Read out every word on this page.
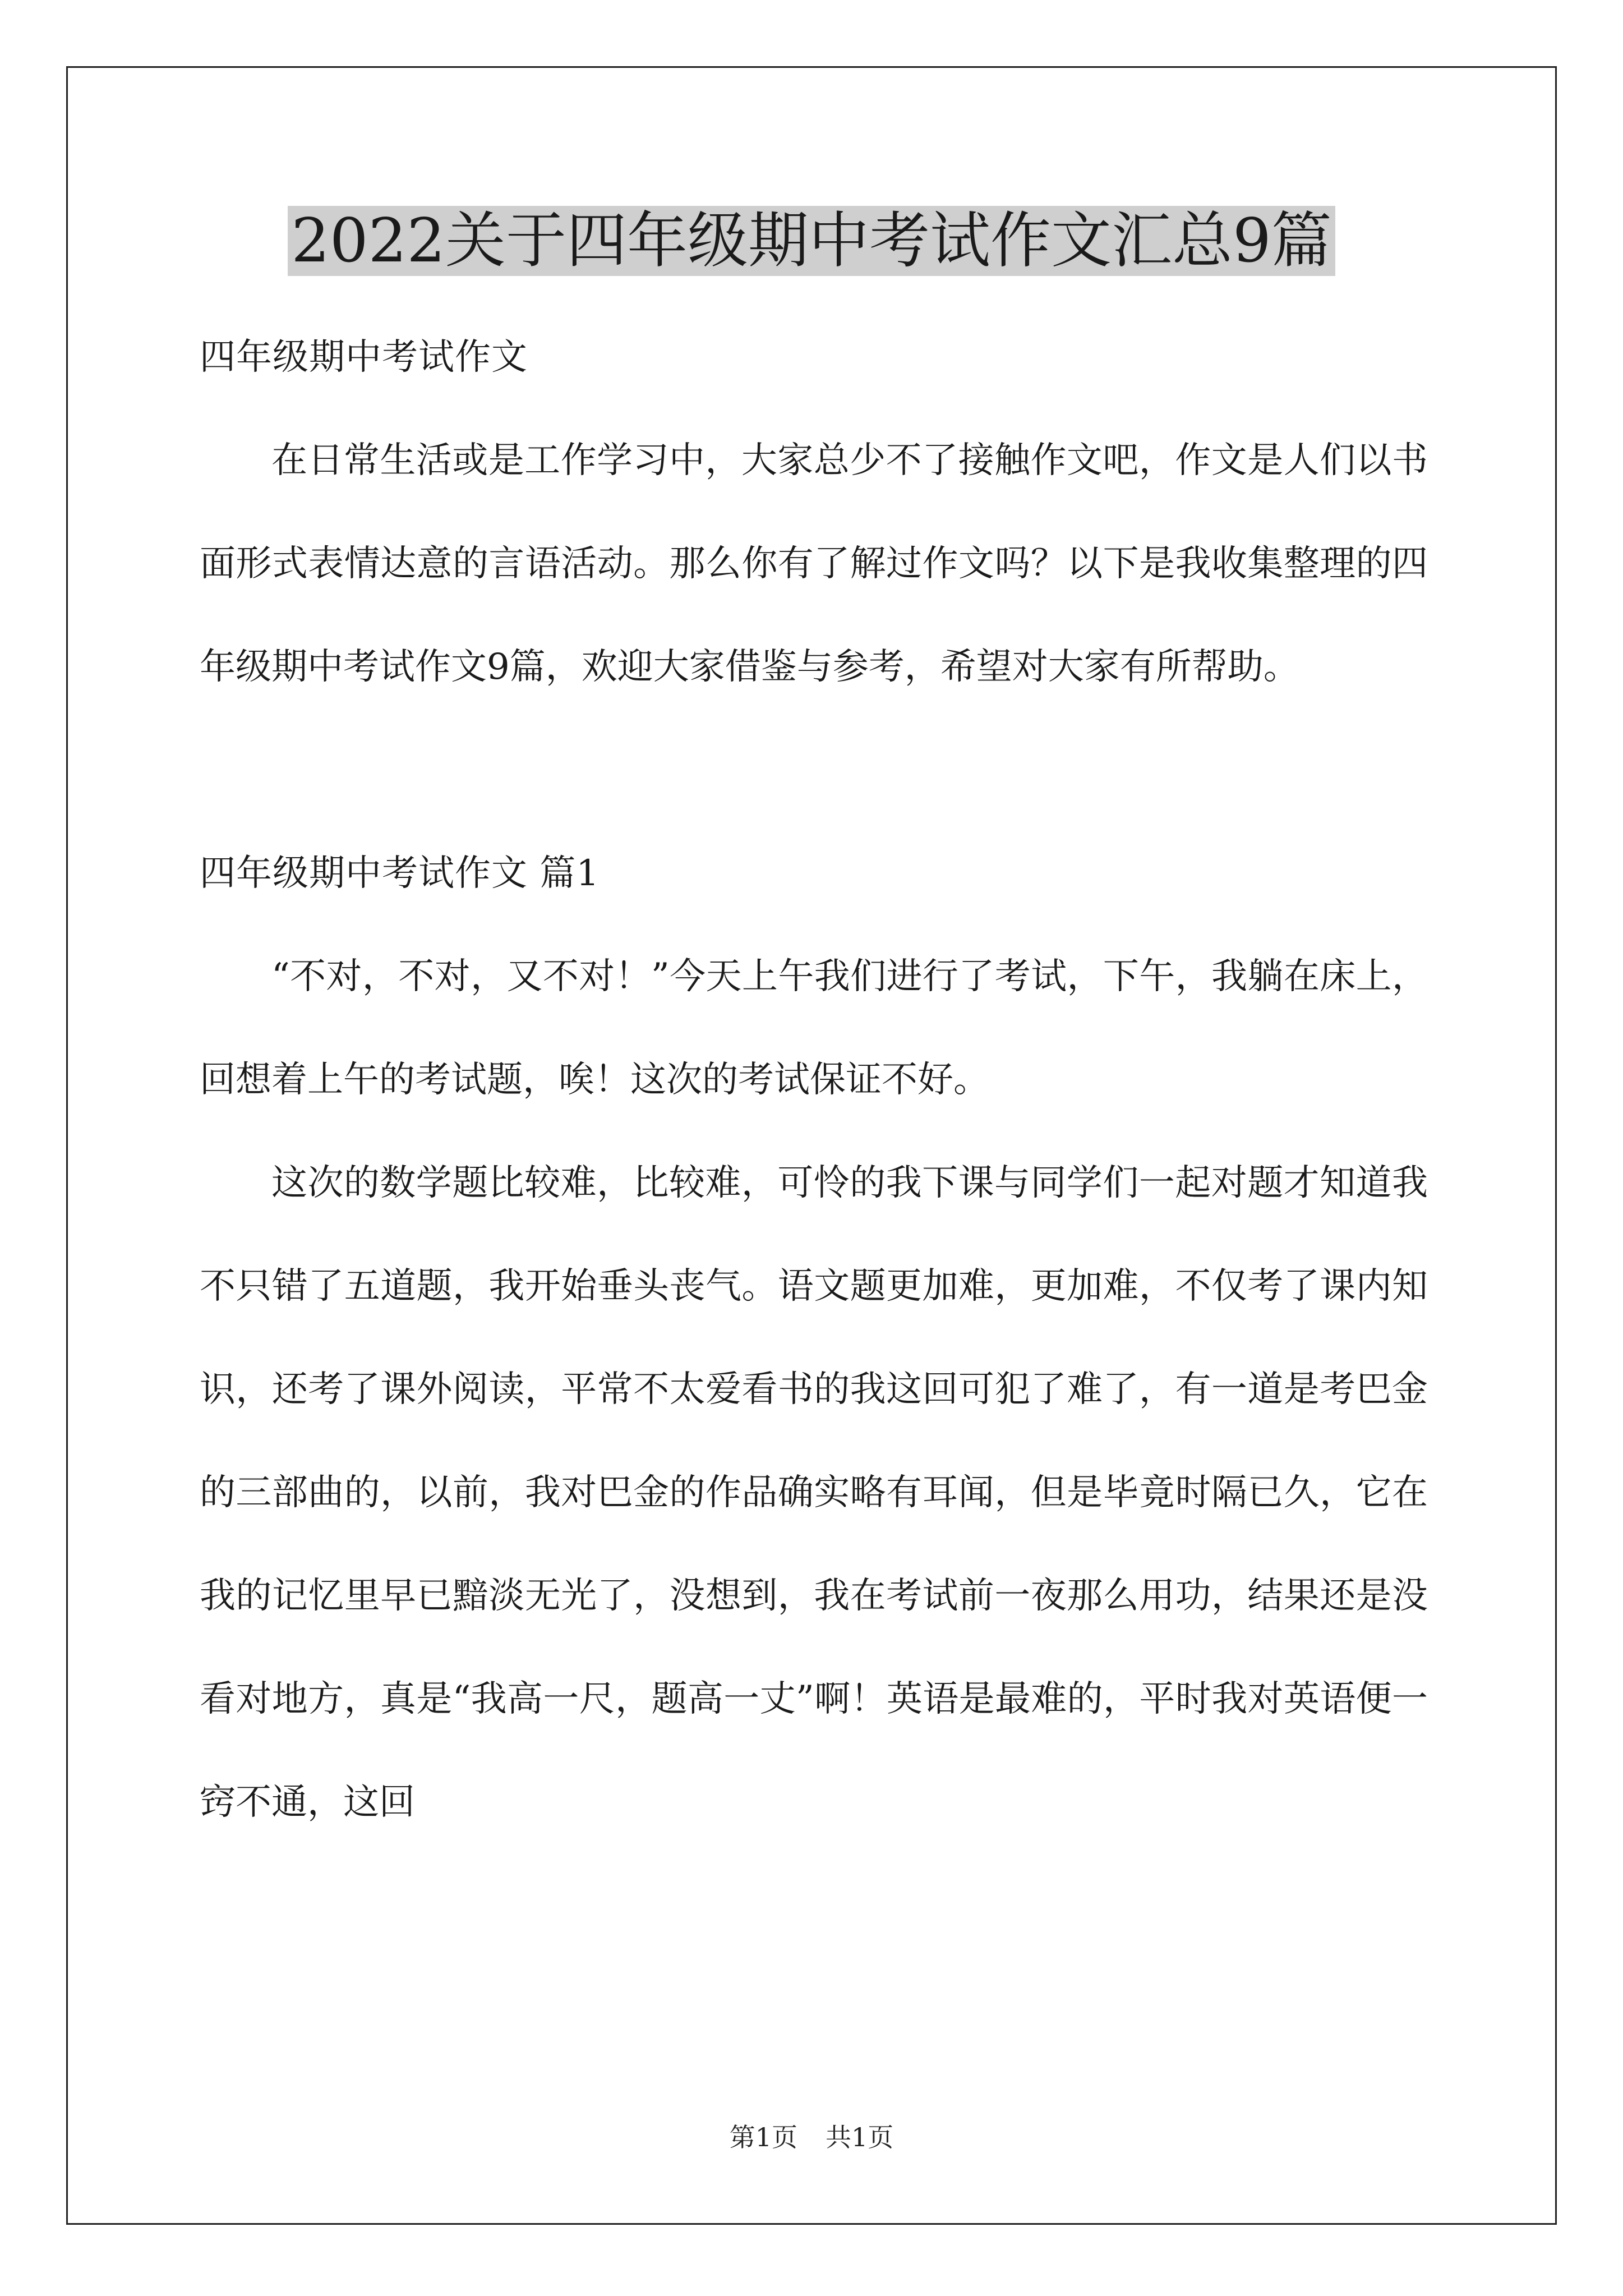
2022关于四年级期中考试作文汇总9篇

四年级期中考试作文

在日常生活或是工作学习中，大家总少不了接触作文吧，作文是人们以书面形式表情达意的言语活动。那么你有了解过作文吗？以下是我收集整理的四年级期中考试作文9篇，欢迎大家借鉴与参考，希望对大家有所帮助。

四年级期中考试作文 篇1

“不对，不对，又不对！”今天上午我们进行了考试，下午，我躺在床上，回想着上午的考试题，唉！这次的考试保证不好。

这次的数学题比较难，比较难，可怜的我下课与同学们一起对题才知道我不只错了五道题，我开始垂头丧气。语文题更加难，更加难，不仅考了课内知识，还考了课外阅读，平常不太爱看书的我这回可犯了难了，有一道是考巴金的三部曲的，以前，我对巴金的作品确实略有耳闻，但是毕竟时隔已久，它在我的记忆里早已黯淡无光了，没想到，我在考试前一夜那么用功，结果还是没看对地方，真是“我高一尺，题高一丈”啊！英语是最难的，平时我对英语便一窍不通，这回

第1页 共1页
